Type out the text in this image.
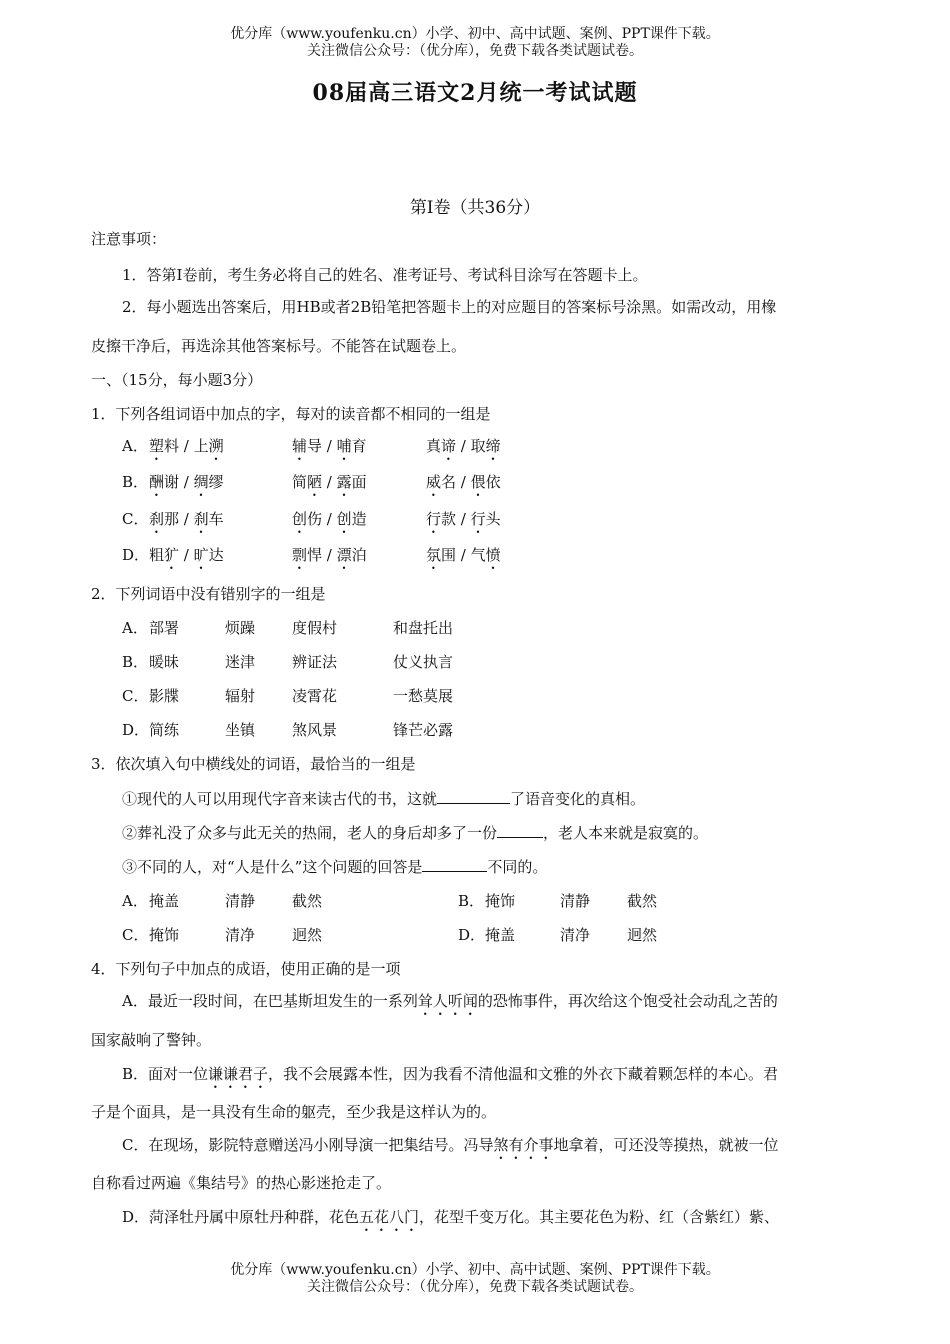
优分库（www.youfenku.cn）小学、初中、高中试题、案例、PPT课件下载。
关注微信公众号：（优分库），免费下载各类试题试卷。
08届高三语文2月统一考试试题
第Ⅰ卷（共36分）
注意事项：
1．答第Ⅰ卷前，考生务必将自己的姓名、准考证号、考试科目涂写在答题卡上。
2．每小题选出答案后，用HB或者2B铅笔把答题卡上的对应题目的答案标号涂黑。如需改动，用橡
皮擦干净后，再选涂其他答案标号。不能答在试题卷上。
一、（15分，每小题3分）
1．下列各组词语中加点的字，每对的读音都不相同的一组是
A． 塑料 / 上溯	辅导 / 哺育	真谛 / 取缔
B． 酬谢 / 绸缪	简陋 / 露面	威名 / 偎依
C． 刹那 / 刹车	创伤 / 创造	行款 / 行头
D． 粗犷 / 旷达	剽悍 / 漂泊	氛围 / 气愤
2．下列词语中没有错别字的一组是
A． 部署	烦躁 度假村	和盘托出
B． 暖昧	迷津 辨证法	仗义执言
C． 影牒	辐射 凌霄花	一愁莫展
D． 简练	坐镇 煞风景	锋芒必露
3．依次填入句中横线处的词语，最恰当的一组是
①现代的人可以用现代字音来读古代的书，这就	了语音变化的真相。
②葬礼没了众多与此无关的热闹，老人的身后却多了一份	，老人本来就是寂寞的。
③不同的人，对“人是什么”这个问题的回答是	不同的。
A． 掩盖	清静 截然	B． 掩饰	清静 截然
C． 掩饰	清净 迥然	D． 掩盖	清净 迥然
4．下列句子中加点的成语，使用正确的是一项
A．最近一段时间，在巴基斯坦发生的一系列耸人听闻的恐怖事件，再次给这个饱受社会动乱之苦的
国家敲响了警钟。
B．面对一位谦谦君子，我不会展露本性，因为我看不清他温和文雅的外衣下藏着颗怎样的本心。君
子是个面具，是一具没有生命的躯壳，至少我是这样认为的。
C．在现场，影院特意赠送冯小刚导演一把集结号。冯导煞有介事地拿着，可还没等摸热，就被一位
自称看过两遍《集结号》的热心影迷抢走了。
D．菏泽牡丹属中原牡丹种群，花色五花八门，花型千变万化。其主要花色为粉、红（含紫红）紫、
优分库（www.youfenku.cn）小学、初中、高中试题、案例、PPT课件下载。
关注微信公众号：（优分库），免费下载各类试题试卷。
